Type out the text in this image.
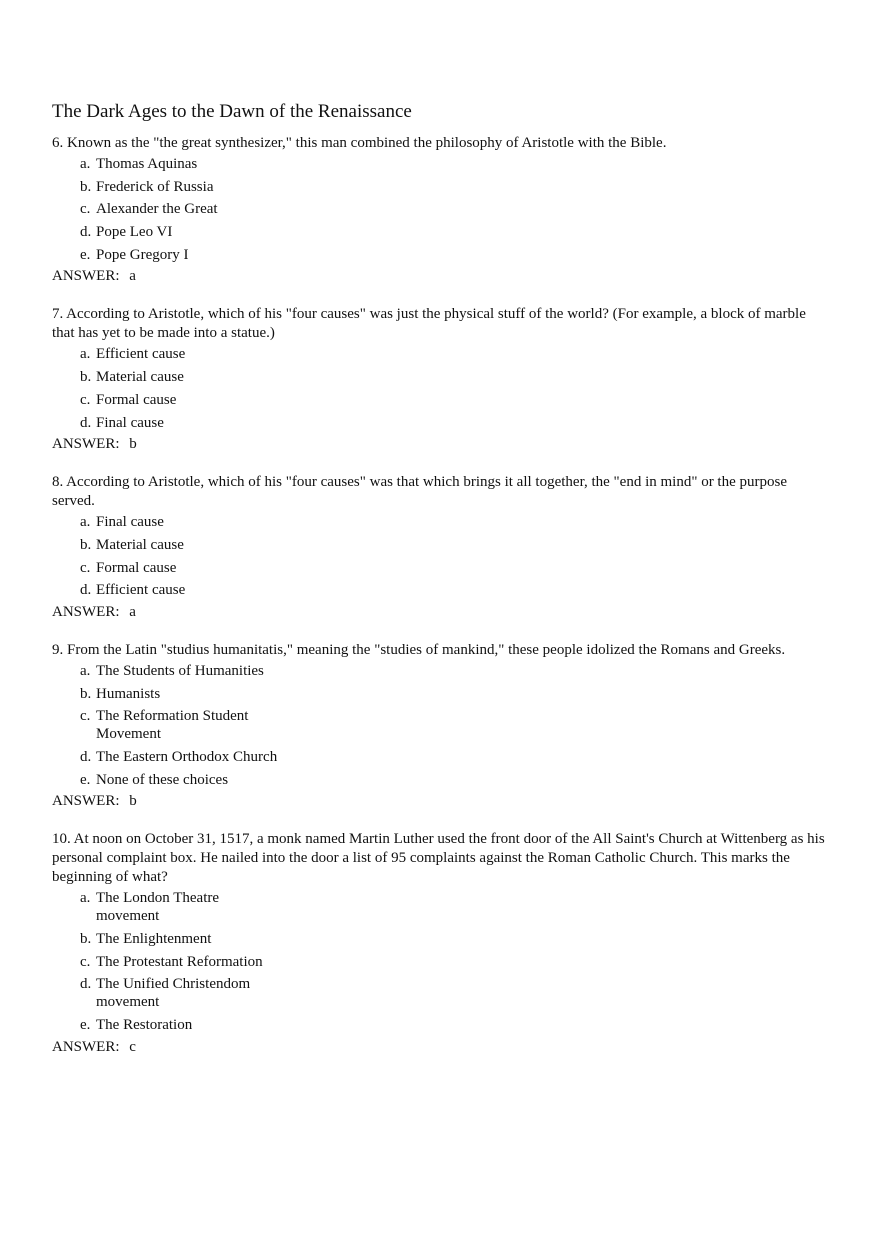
The Dark Ages to the Dawn of the Renaissance

6. Known as the "the great synthesizer," this man combined the philosophy of Aristotle with the Bible.

a. Thomas Aquinas
b. Frederick of Russia
c. Alexander the Great
d. Pope Leo VI
e. Pope Gregory I
ANSWER: a

7. According to Aristotle, which of his "four causes" was just the physical stuff of the world? (For example, a block of marble that has yet to be made into a statue.)

a. Efficient cause
b. Material cause
c. Formal cause
d. Final cause
ANSWER: b

8. According to Aristotle, which of his "four causes" was that which brings it all together, the "end in mind" or the purpose served.

a. Final cause
b. Material cause
c. Formal cause
d. Efficient cause
ANSWER: a

9. From the Latin "studius humanitatis," meaning the "studies of mankind," these people idolized the Romans and Greeks.

a. The Students of Humanities
b. Humanists
c. The Reformation Student Movement
d. The Eastern Orthodox Church
e. None of these choices
ANSWER: b

10. At noon on October 31, 1517, a monk named Martin Luther used the front door of the All Saint's Church at Wittenberg as his personal complaint box. He nailed into the door a list of 95 complaints against the Roman Catholic Church. This marks the beginning of what?

a. The London Theatre movement
b. The Enlightenment
c. The Protestant Reformation
d. The Unified Christendom movement
e. The Restoration
ANSWER: c
